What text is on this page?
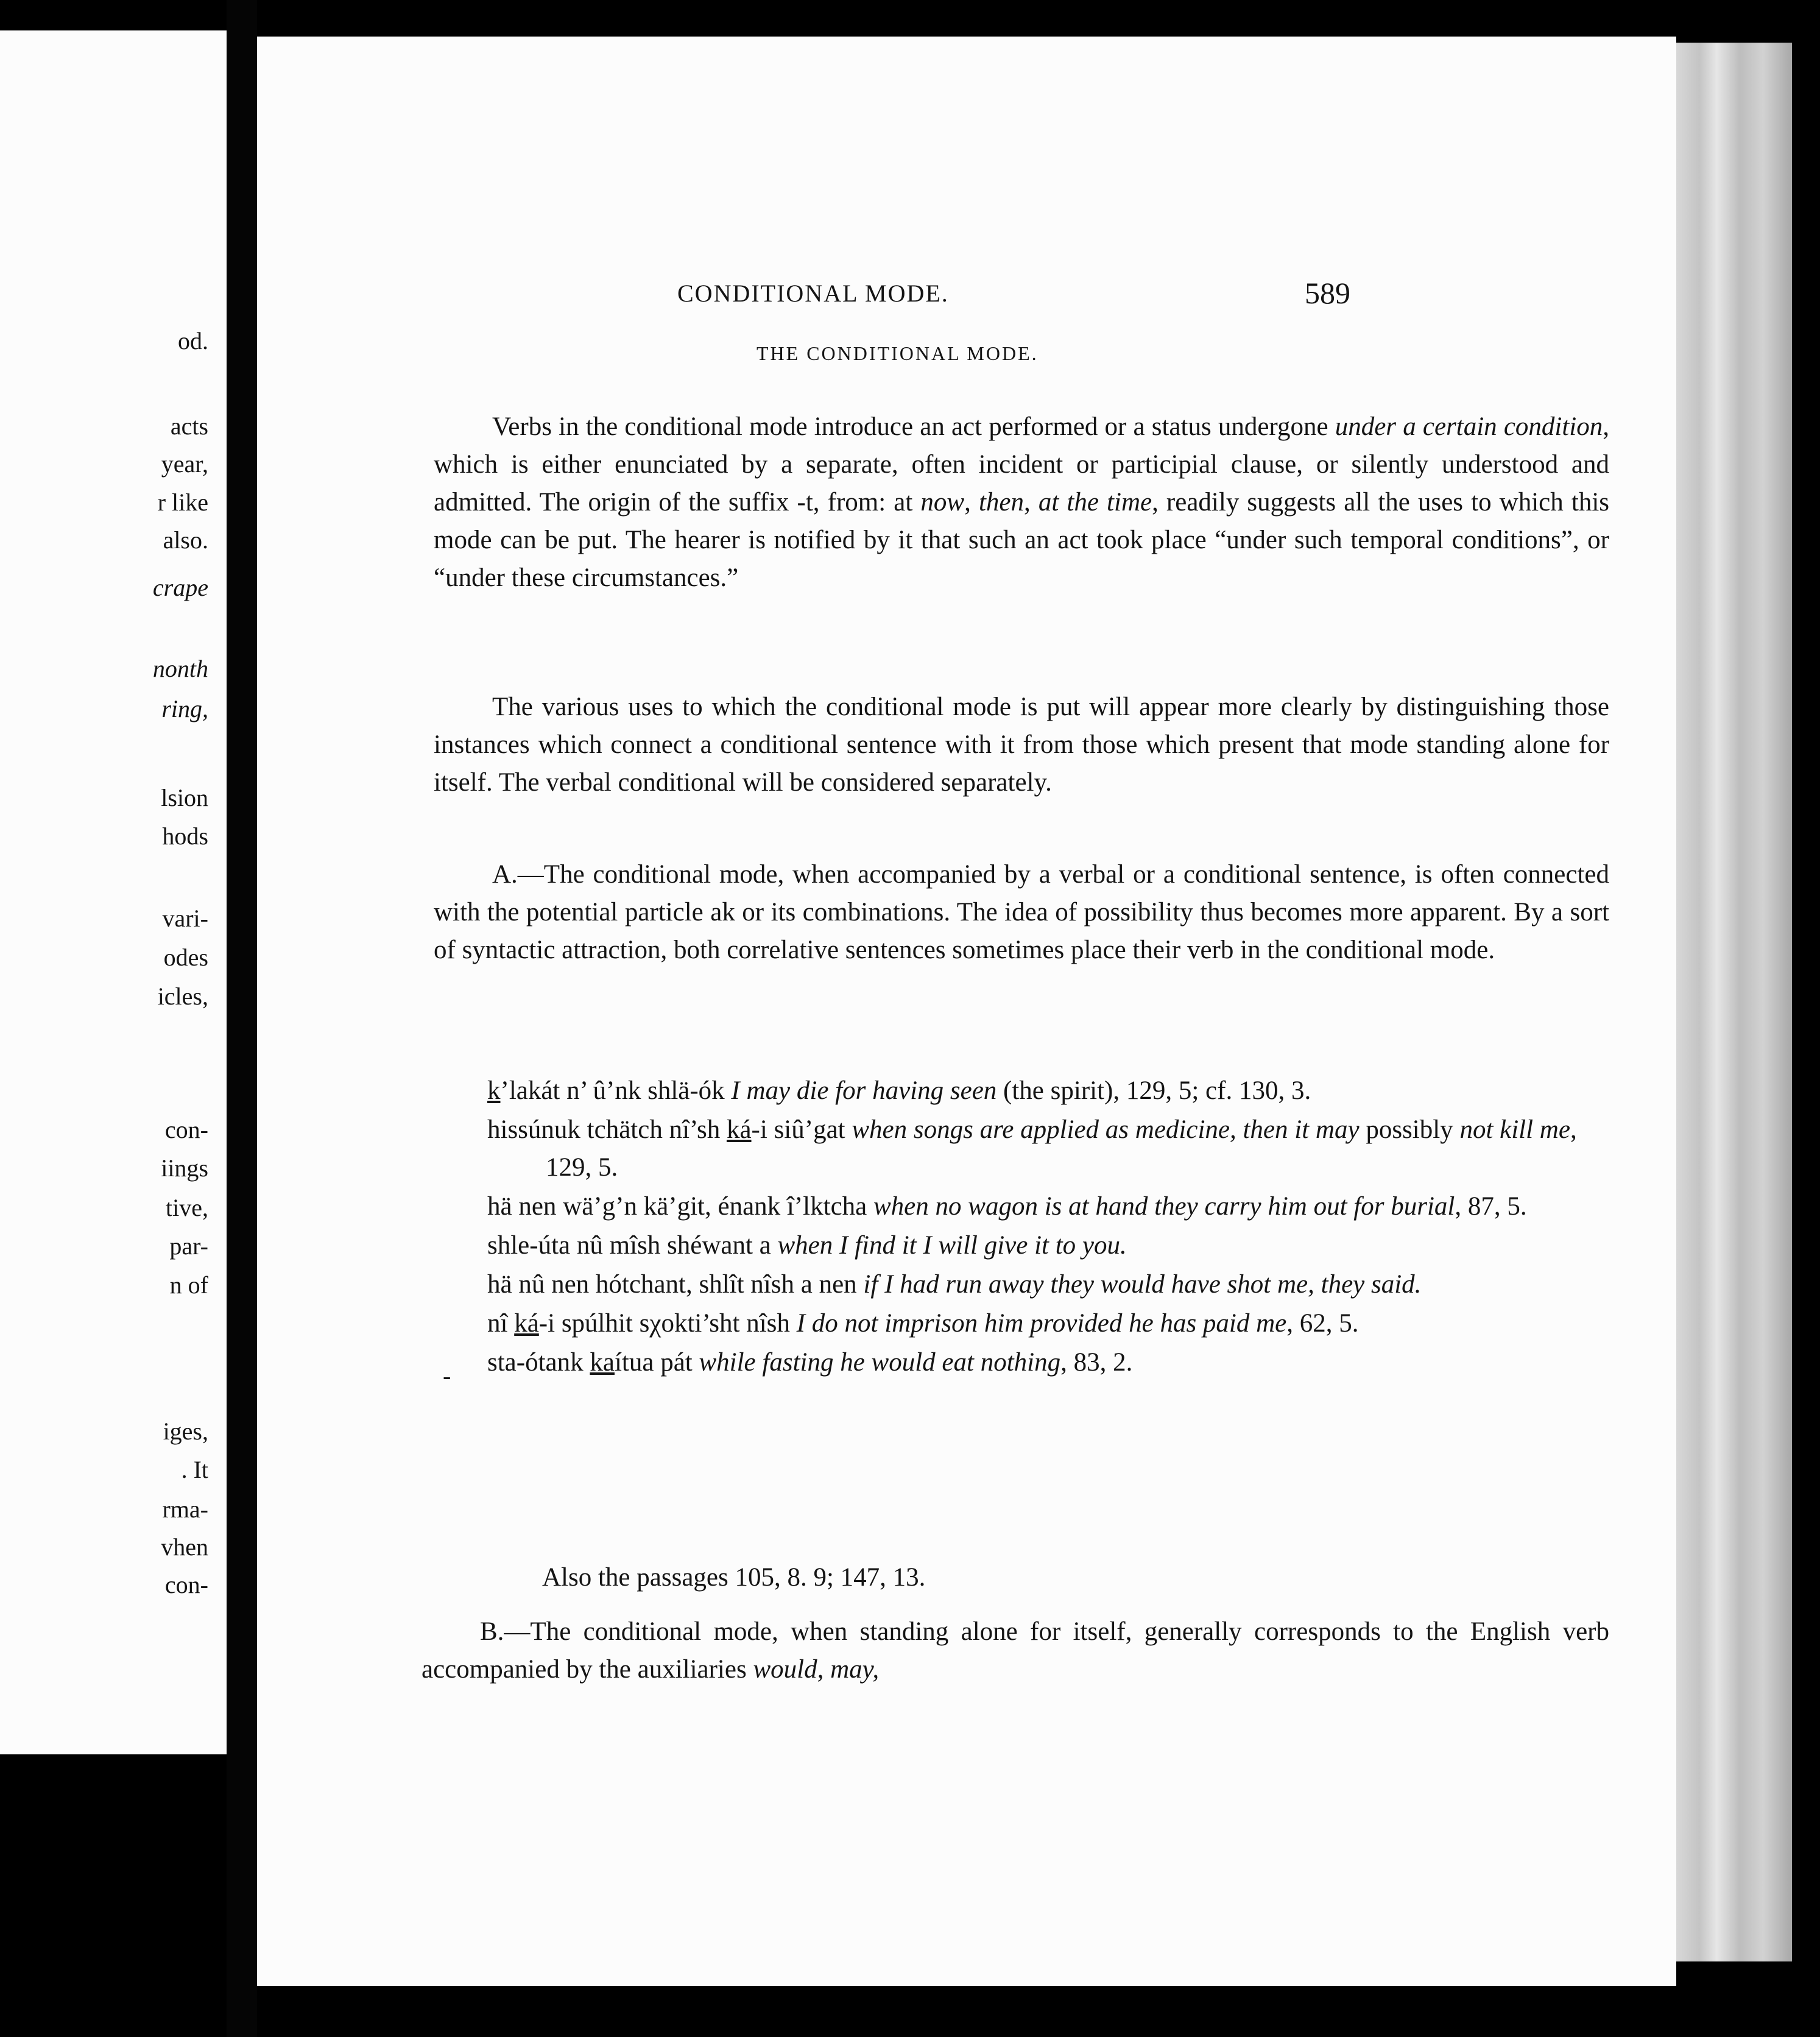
od.
acts
year,
r like
also.
crape
nonth
ring,
lsion
hods
vari-
odes
icles,
con-
iings
tive,
par-
n of
iges,
. It
rma-
vhen
con-
CONDITIONAL MODE.	589
THE CONDITIONAL MODE.

Verbs in the conditional mode introduce an act performed or a status undergone under a certain condition, which is either enunciated by a separate, often incident or participial clause, or silently understood and admitted. The origin of the suffix -t, from: at now, then, at the time, readily suggests all the uses to which this mode can be put. The hearer is notified by it that such an act took place “under such temporal conditions”, or “under these circumstances.”

The various uses to which the conditional mode is put will appear more clearly by distinguishing those instances which connect a conditional sentence with it from those which present that mode standing alone for itself. The verbal conditional will be considered separately.

A.—The conditional mode, when accompanied by a verbal or a conditional sentence, is often connected with the potential particle ak or its combinations. The idea of possibility thus becomes more apparent. By a sort of syntactic attraction, both correlative sentences sometimes place their verb in the conditional mode.

k’lakát n’ û’nk shlä-ók I may die for having seen (the spirit), 129, 5; cf. 130, 3.

hissúnuk tchätch nî’sh ká-i siû’gat when songs are applied as medicine, then it may possibly not kill me, 129, 5.

hä nen wä’g’n kä’git, énank î’lktcha when no wagon is at hand they carry him out for burial, 87, 5.

shle-úta nû mîsh shéwant a when I find it I will give it to you.

hä nû nen hótchant, shlît nîsh a nen if I had run away they would have shot me, they said.

nî ká-i spúlhit sχokti’sht nîsh I do not imprison him provided he has paid me, 62, 5.

sta-ótank kaítua pát while fasting he would eat nothing, 83, 2.

-
Also the passages 105, 8. 9; 147, 13.

B.—The conditional mode, when standing alone for itself, generally corresponds to the English verb accompanied by the auxiliaries would, may,
